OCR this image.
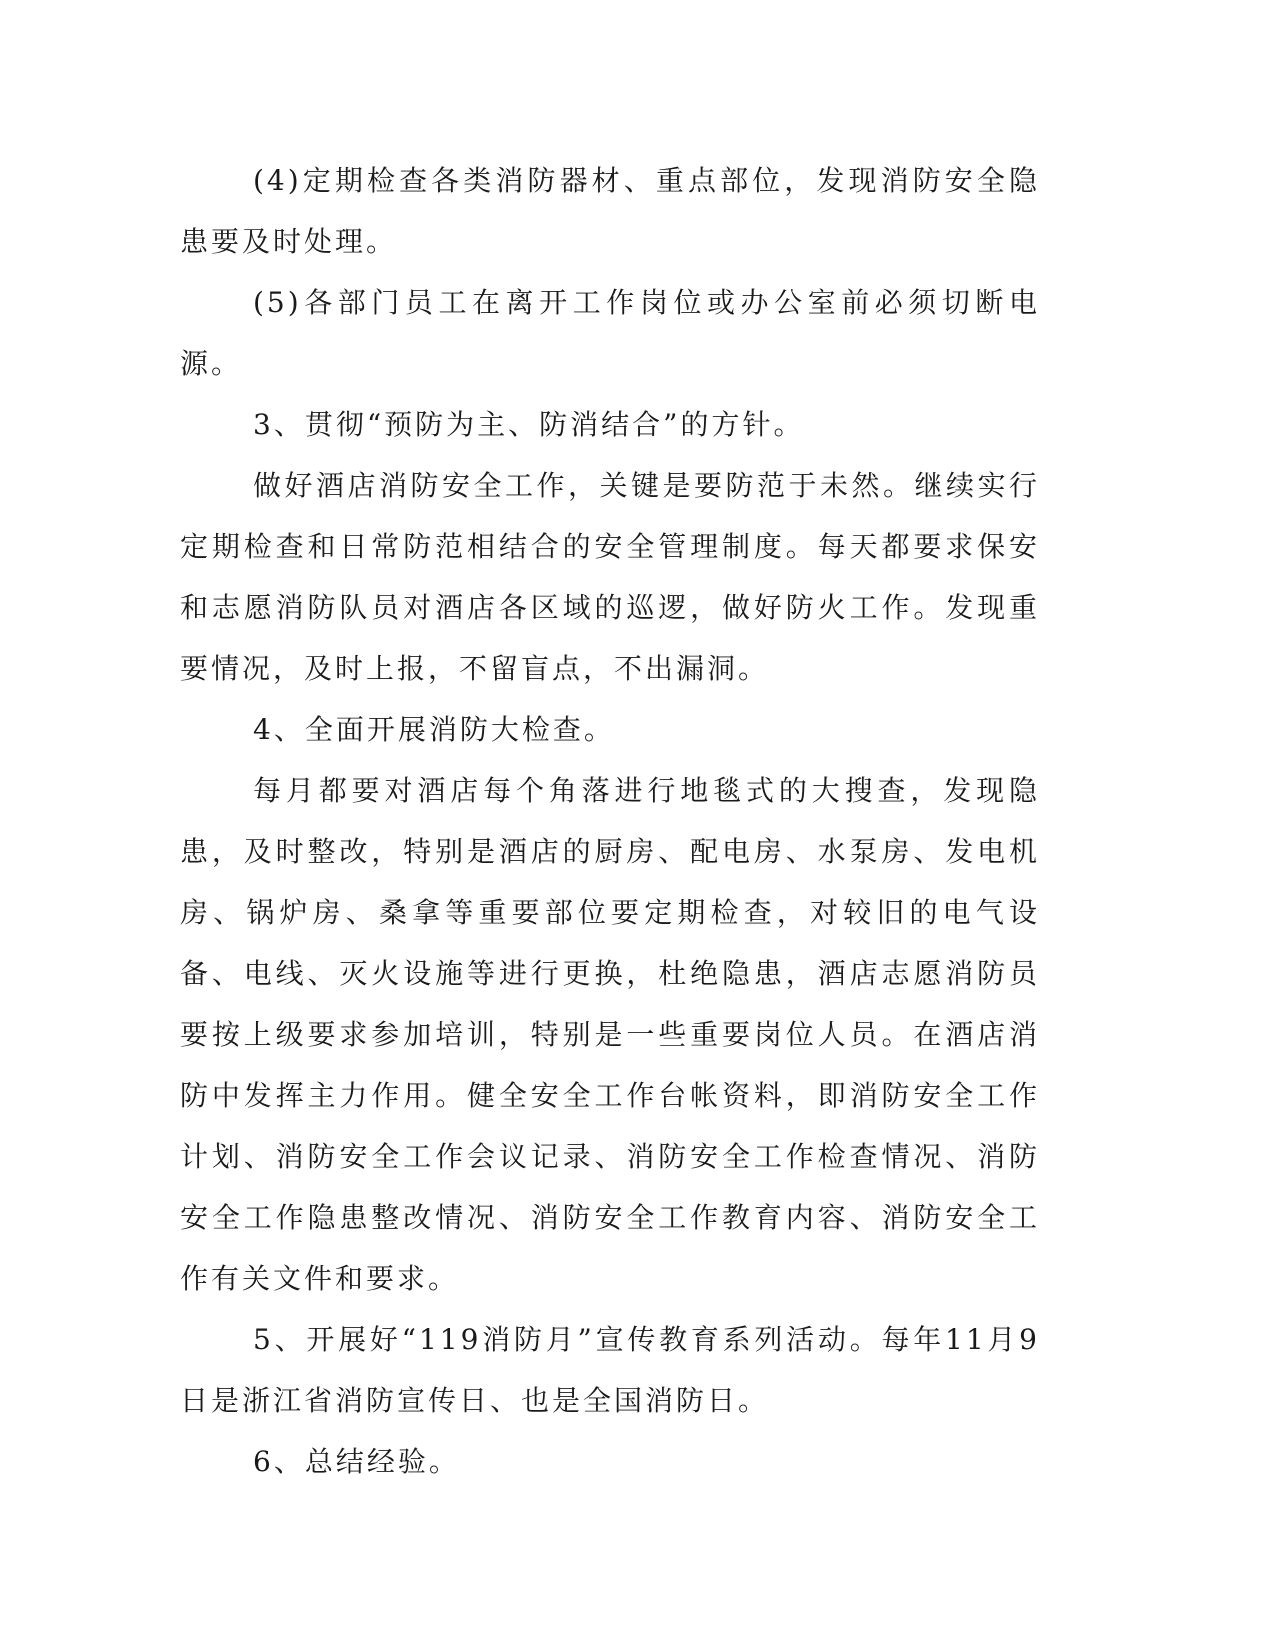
(4)定期检查各类消防器材、重点部位，发现消防安全隐患要及时处理。

(5)各部门员工在离开工作岗位或办公室前必须切断电源。

3、贯彻“预防为主、防消结合”的方针。

做好酒店消防安全工作，关键是要防范于未然。继续实行定期检查和日常防范相结合的安全管理制度。每天都要求保安和志愿消防队员对酒店各区域的巡逻，做好防火工作。发现重要情况，及时上报，不留盲点，不出漏洞。

4、全面开展消防大检查。

每月都要对酒店每个角落进行地毯式的大搜查，发现隐患，及时整改，特别是酒店的厨房、配电房、水泵房、发电机房、锅炉房、桑拿等重要部位要定期检查，对较旧的电气设备、电线、灭火设施等进行更换，杜绝隐患，酒店志愿消防员要按上级要求参加培训，特别是一些重要岗位人员。在酒店消防中发挥主力作用。健全安全工作台帐资料，即消防安全工作计划、消防安全工作会议记录、消防安全工作检查情况、消防安全工作隐患整改情况、消防安全工作教育内容、消防安全工作有关文件和要求。

5、开展好“119消防月”宣传教育系列活动。每年11月9日是浙江省消防宣传日、也是全国消防日。

6、总结经验。
